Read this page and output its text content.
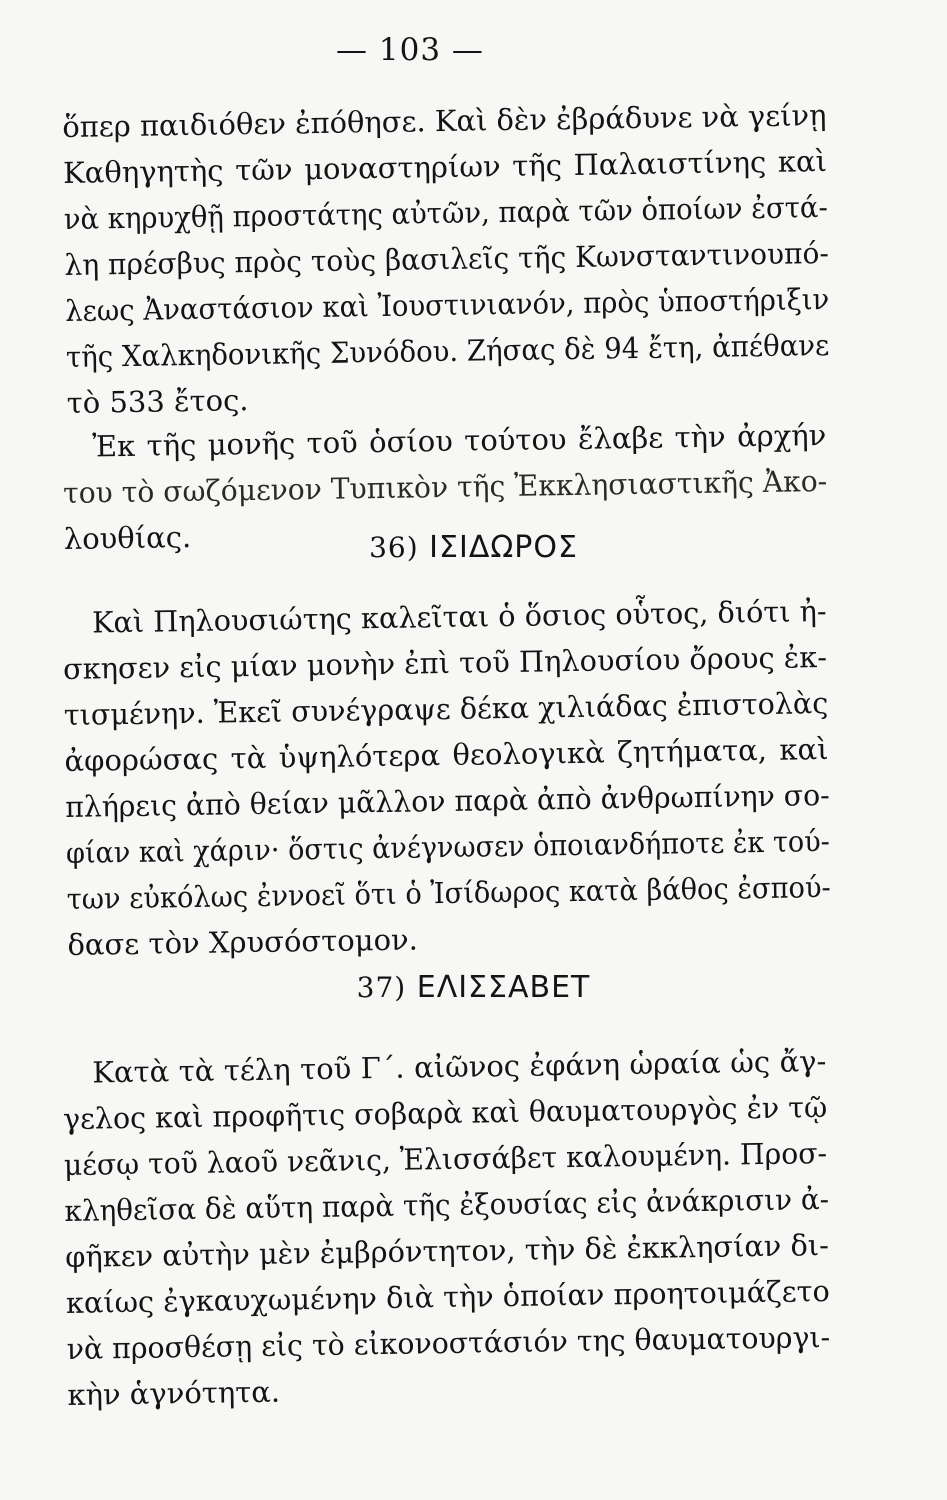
— 103 —
ὅπερ παιδιόθεν ἐπόθησε. Καὶ δὲν ἐβράδυνε νὰ γείνῃ
Καθηγητὴς τῶν μοναστηρίων τῆς Παλαιστίνης καὶ
νὰ κηρυχθῇ προστάτης αὐτῶν, παρὰ τῶν ὁποίων ἐστά-
λη πρέσβυς πρὸς τοὺς βασιλεῖς τῆς Κωνσταντινουπό-
λεως Ἀναστάσιον καὶ Ἰουστινιανόν, πρὸς ὑποστήριξιν
τῆς Χαλκηδονικῆς Συνόδου. Ζήσας δὲ 94 ἔτη, ἀπέθανε
τὸ 533 ἔτος.
Ἐκ τῆς μονῆς τοῦ ὁσίου τούτου ἔλαβε τὴν ἀρχήν
του τὸ σωζόμενον Τυπικὸν τῆς Ἐκκλησιαστικῆς Ἀκο-
λουθίας.	36) ΙΣΙΔΩΡΟΣ
Καὶ Πηλουσιώτης καλεῖται ὁ ὅσιος οὗτος, διότι ἠ-
σκησεν εἰς μίαν μονὴν ἐπὶ τοῦ Πηλουσίου ὄρους ἐκ-
τισμένην. Ἐκεῖ συνέγραψε δέκα χιλιάδας ἐπιστολὰς
ἀφορώσας τὰ ὑψηλότερα θεολογικὰ ζητήματα, καὶ
πλήρεις ἀπὸ θείαν μᾶλλον παρὰ ἀπὸ ἀνθρωπίνην σο-
φίαν καὶ χάριν· ὅστις ἀνέγνωσεν ὁποιανδήποτε ἐκ τού-
των εὐκόλως ἐννοεῖ ὅτι ὁ Ἰσίδωρος κατὰ βάθος ἐσπού-
δασε τὸν Χρυσόστομον.
37) ΕΛΙΣΣΑΒΕΤ
Κατὰ τὰ τέλη τοῦ Γ΄. αἰῶνος ἐφάνη ὡραία ὡς ἄγ-
γελος καὶ προφῆτις σοβαρὰ καὶ θαυματουργὸς ἐν τῷ
μέσῳ τοῦ λαοῦ νεᾶνις, Ἐλισσάβετ καλουμένη. Προσ-
κληθεῖσα δὲ αὕτη παρὰ τῆς ἐξουσίας εἰς ἀνάκρισιν ἀ-
φῆκεν αὐτὴν μὲν ἐμβρόντητον, τὴν δὲ ἐκκλησίαν δι-
καίως ἐγκαυχωμένην διὰ τὴν ὁποίαν προητοιμάζετο
νὰ προσθέσῃ εἰς τὸ εἰκονοστάσιόν της θαυματουργι-
κὴν ἁγνότητα.
